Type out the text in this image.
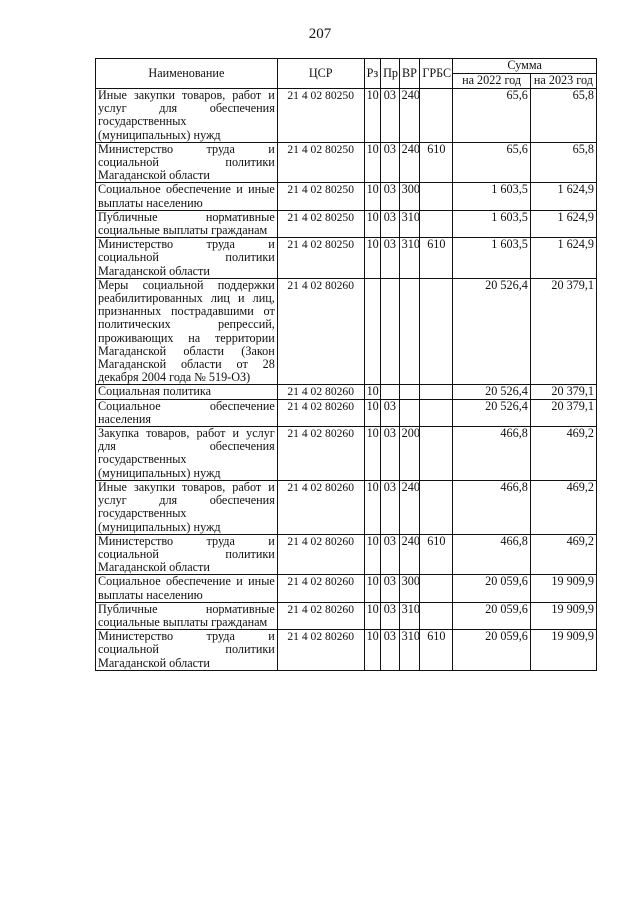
207
Наименование	ЦСР	Рз	Пр	ВР	ГРБС	Сумма	
						на 2022 год	на 2023 год
Иные закупки товаров, работ и услуг для обеспечения государственных (муниципальных) нужд	21 4 02 80250	10	03	240		65,6	65,8
Министерство труда и социальной политики Магаданской области	21 4 02 80250	10	03	240	610	65,6	65,8
Социальное обеспечение и иные выплаты населению	21 4 02 80250	10	03	300		1 603,5	1 624,9
Публичные нормативные социальные выплаты гражданам	21 4 02 80250	10	03	310		1 603,5	1 624,9
Министерство труда и социальной политики Магаданской области	21 4 02 80250	10	03	310	610	1 603,5	1 624,9
Меры социальной поддержки реабилитированных лиц и лиц, признанных пострадавшими от политических репрессий, проживающих на территории Магаданской области (Закон Магаданской области от 28 декабря 2004 года № 519-ОЗ)	21 4 02 80260					20 526,4	20 379,1
Социальная политика	21 4 02 80260	10				20 526,4	20 379,1
Социальное обеспечение населения	21 4 02 80260	10	03			20 526,4	20 379,1
Закупка товаров, работ и услуг для обеспечения государственных (муниципальных) нужд	21 4 02 80260	10	03	200		466,8	469,2
Иные закупки товаров, работ и услуг для обеспечения государственных (муниципальных) нужд	21 4 02 80260	10	03	240		466,8	469,2
Министерство труда и социальной политики Магаданской области	21 4 02 80260	10	03	240	610	466,8	469,2
Социальное обеспечение и иные выплаты населению	21 4 02 80260	10	03	300		20 059,6	19 909,9
Публичные нормативные социальные выплаты гражданам	21 4 02 80260	10	03	310		20 059,6	19 909,9
Министерство труда и социальной политики Магаданской области	21 4 02 80260	10	03	310	610	20 059,6	19 909,9
